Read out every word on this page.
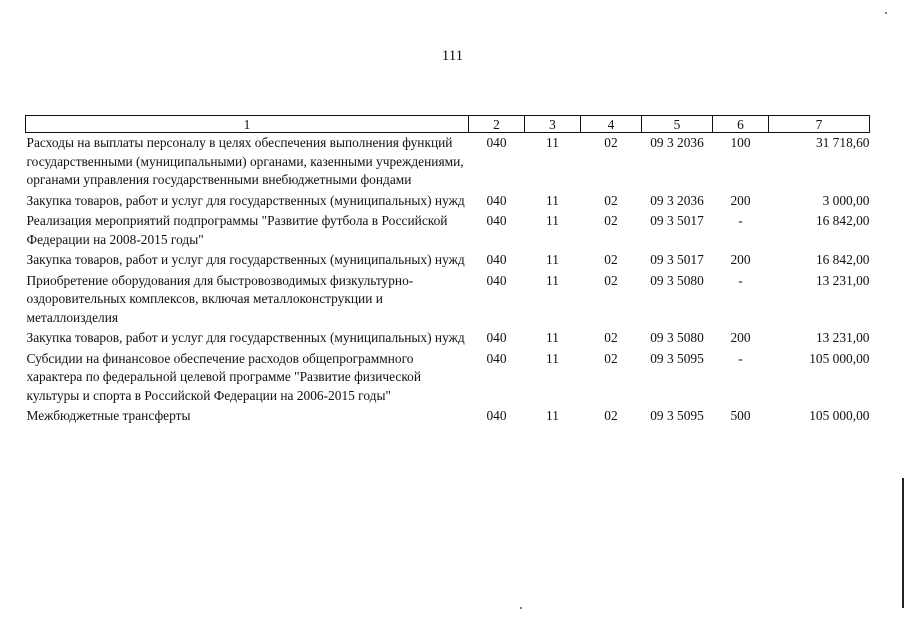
111
1	2	3	4	5	6	7
Расходы на выплаты персоналу в целях обеспечения выполнения функций государственными (муниципальными) органами, казенными учреждениями, органами управления государственными внебюджетными фондами	040	11	02	09 3 2036	100	31 718,60
Закупка товаров, работ и услуг для государственных (муниципальных) нужд	040	11	02	09 3 2036	200	3 000,00
Реализация мероприятий подпрограммы "Развитие футбола в Российской Федерации на 2008-2015 годы"	040	11	02	09 3 5017	-	16 842,00
Закупка товаров, работ и услуг для государственных (муниципальных) нужд	040	11	02	09 3 5017	200	16 842,00
Приобретение оборудования для быстровозводимых физкультурно-оздоровительных комплексов, включая металлоконструкции и металлоизделия	040	11	02	09 3 5080	-	13 231,00
Закупка товаров, работ и услуг для государственных (муниципальных) нужд	040	11	02	09 3 5080	200	13 231,00
Субсидии на финансовое обеспечение расходов общепрограммного характера по федеральной целевой программе "Развитие физической культуры и спорта в Российской Федерации на 2006-2015 годы"	040	11	02	09 3 5095	-	105 000,00
Межбюджетные трансферты	040	11	02	09 3 5095	500	105 000,00
